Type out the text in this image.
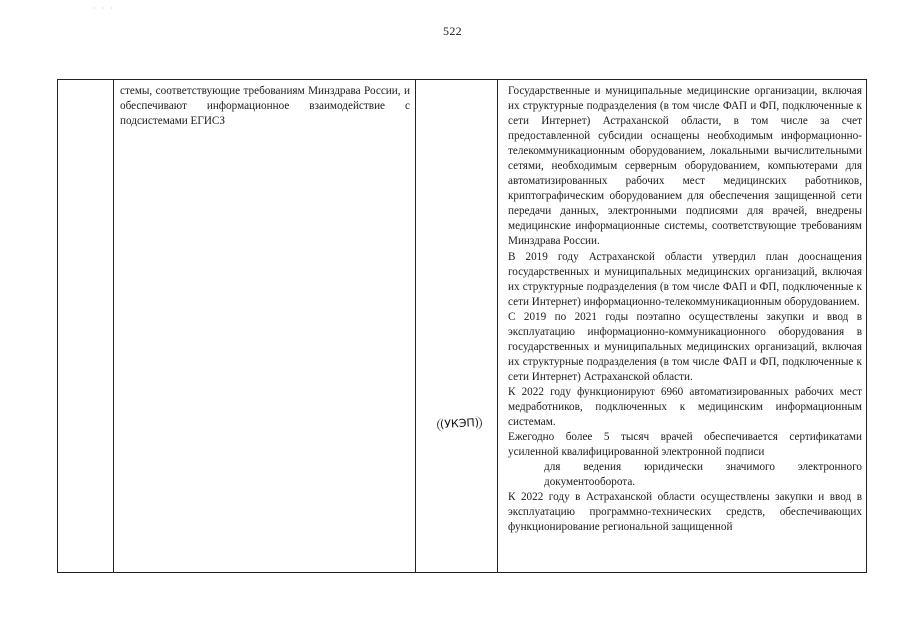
· · ·
522

стемы, соответствующие требованиям Минздрава России, и обеспечивают информационное взаимодействие с подсистемами ЕГИСЗ

Государственные и муниципальные медицинские организации, включая их структурные подразделения (в том числе ФАП и ФП, подключенные к сети Интернет) Астраханской области, в том числе за счет предоставленной субсидии оснащены необходимым информационно-телекоммуникационным оборудованием, локальными вычислительными сетями, необходимым серверным оборудованием, компьютерами для автоматизированных рабочих мест медицинских работников, криптографическим оборудованием для обеспечения защищенной сети передачи данных, электронными подписями для врачей, внедрены медицинские информационные системы, соответствующие требованиям Минздрава России.

В 2019 году Астраханской области утвердил план дооснащения государственных и муниципальных медицинских организаций, включая их структурные подразделения (в том числе ФАП и ФП, подключенные к сети Интернет) информационно-телекоммуникационным оборудованием.

С 2019 по 2021 годы поэтапно осуществлены закупки и ввод в эксплуатацию информационно-коммуникационного оборудования в государственных и муниципальных медицинских организаций, включая их структурные подразделения (в том числе ФАП и ФП, подключенные к сети Интернет) Астраханской области.

К 2022 году функционируют 6960 автоматизированных рабочих мест медработников, подключенных к медицинским информационным системам.

Ежегодно более 5 тысяч врачей обеспечивается сертификатами усиленной квалифицированной электронной подписи

для ведения юридически значимого электронного документооборота.

К 2022 году в Астраханской области осуществлены закупки и ввод в эксплуатацию программно-технических средств, обеспечивающих функционирование региональной защищенной

(УКЭП)
